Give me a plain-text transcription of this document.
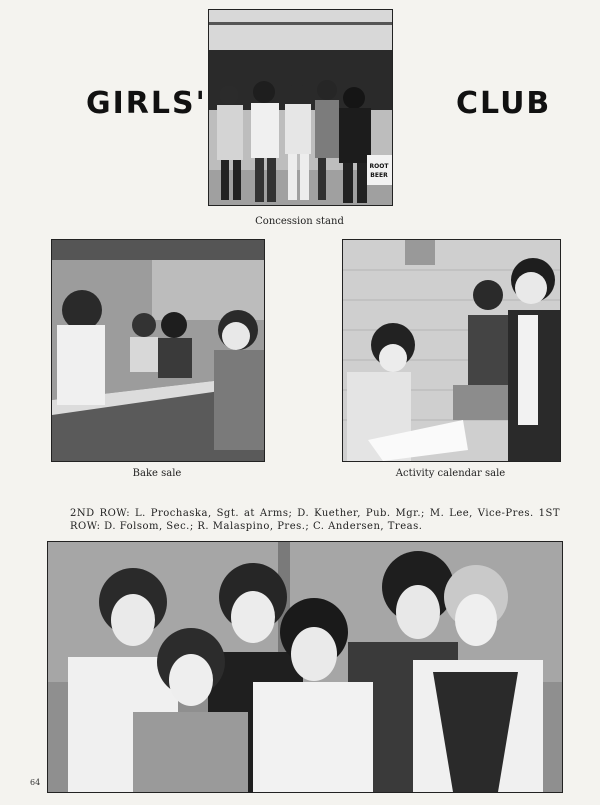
GIRLS'	CLUB
ROOT
BEER
Concession stand
Bake sale	Activity calendar sale
2ND ROW: L. Prochaska, Sgt. at Arms; D. Kuether, Pub. Mgr.; M. Lee, Vice-Pres. 1ST ROW: D. Folsom, Sec.; R. Malaspino, Pres.; C. Andersen, Treas.
64
